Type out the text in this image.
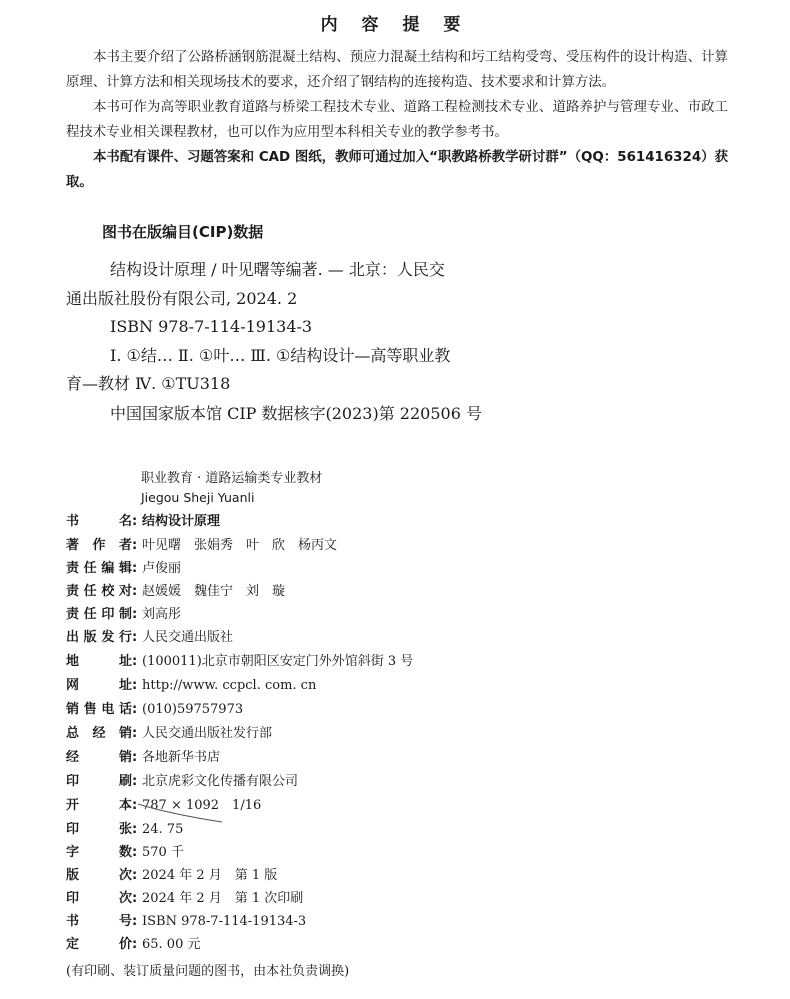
内 容 提 要
本书主要介绍了公路桥涵钢筋混凝土结构、预应力混凝土结构和圬工结构受弯、受压构件的设计构造、计算原理、计算方法和相关现场技术的要求，还介绍了钢结构的连接构造、技术要求和计算方法。
本书可作为高等职业教育道路与桥梁工程技术专业、道路工程检测技术专业、道路养护与管理专业、市政工程技术专业相关课程教材，也可以作为应用型本科相关专业的教学参考书。
本书配有课件、习题答案和 CAD 图纸，教师可通过加入“职教路桥教学研讨群”（QQ：561416324）获取。
图书在版编目(CIP)数据
结构设计原理 / 叶见曙等编著. — 北京：人民交
通出版社股份有限公司, 2024. 2
ISBN 978-7-114-19134-3
Ⅰ. ①结… Ⅱ. ①叶… Ⅲ. ①结构设计—高等职业教
育—教材 Ⅳ. ①TU318
中国国家版本馆 CIP 数据核字(2023)第 220506 号
职业教育 · 道路运输类专业教材
Jiegou Sheji Yuanli
书名 : 结构设计原理
著作者 : 叶见曙　张娟秀　叶　欣　杨丙文
责任编辑 : 卢俊丽
责任校对 : 赵媛媛　魏佳宁　刘　璇
责任印制 : 刘高彤
出版发行 : 人民交通出版社
地址 : (100011)北京市朝阳区安定门外外馆斜街 3 号
网址 : http://www. ccpcl. com. cn
销售电话 : (010)59757973
总经销 : 人民交通出版社发行部
经销 : 各地新华书店
印刷 : 北京虎彩文化传播有限公司
开本 : 787 × 1092　1/16
印张 : 24. 75
字数 : 570 千
版次 : 2024 年 2 月　第 1 版
印次 : 2024 年 2 月　第 1 次印刷
书号 : ISBN 978-7-114-19134-3
定价 : 65. 00 元
(有印刷、装订质量问题的图书，由本社负责调换)
